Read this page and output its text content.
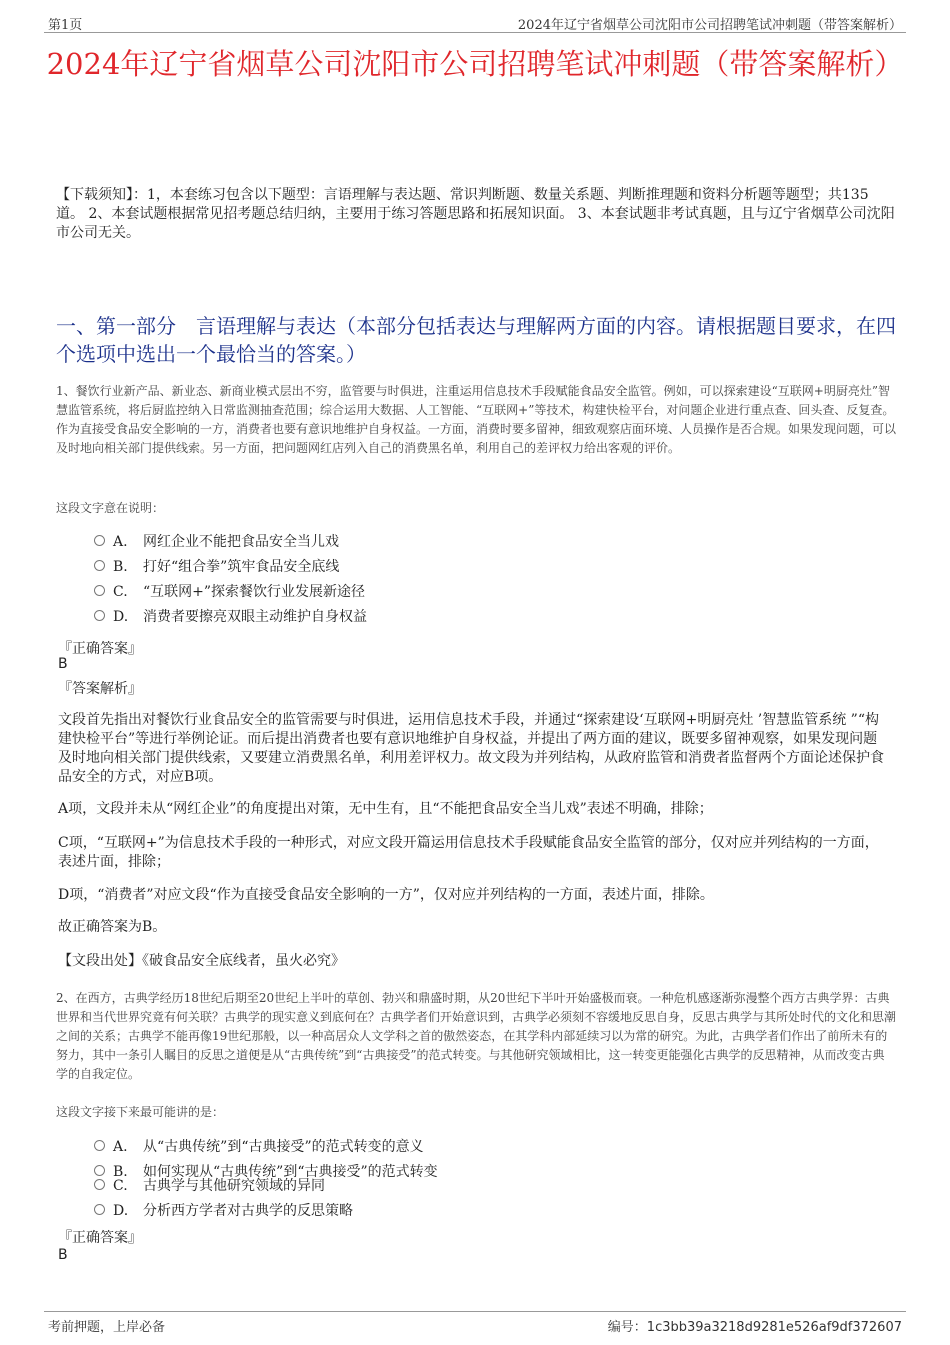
第1页	2024年辽宁省烟草公司沈阳市公司招聘笔试冲刺题（带答案解析）
2024年辽宁省烟草公司沈阳市公司招聘笔试冲刺题（带答案解析）
【下载须知】：1，本套练习包含以下题型：言语理解与表达题、常识判断题、数量关系题、判断推理题和资料分析题等题型；共135道。 2、本套试题根据常见招考题总结归纳，主要用于练习答题思路和拓展知识面。 3、本套试题非考试真题，且与辽宁省烟草公司沈阳市公司无关。
一、第一部分　言语理解与表达（本部分包括表达与理解两方面的内容。请根据题目要求，在四个选项中选出一个最恰当的答案。）
1、餐饮行业新产品、新业态、新商业模式层出不穷，监管要与时俱进，注重运用信息技术手段赋能食品安全监管。例如，可以探索建设“互联网+明厨亮灶”智慧监管系统，将后厨监控纳入日常监测抽查范围；综合运用大数据、人工智能、“互联网+”等技术，构建快检平台，对问题企业进行重点查、回头查、反复查。作为直接受食品安全影响的一方，消费者也要有意识地维护自身权益。一方面，消费时要多留神，细致观察店面环境、人员操作是否合规。如果发现问题，可以及时地向相关部门提供线索。另一方面，把问题网红店列入自己的消费黑名单，利用自己的差评权力给出客观的评价。
这段文字意在说明：
A. 网红企业不能把食品安全当儿戏
B. 打好“组合拳”筑牢食品安全底线
C. “互联网+”探索餐饮行业发展新途径
D. 消费者要擦亮双眼主动维护自身权益
『正确答案』
B
『答案解析』
文段首先指出对餐饮行业食品安全的监管需要与时俱进，运用信息技术手段，并通过“探索建设‘互联网+明厨亮灶 ’智慧监管系统 ”“构建快检平台”等进行举例论证。而后提出消费者也要有意识地维护自身权益，并提出了两方面的建议，既要多留神观察，如果发现问题及时地向相关部门提供线索，又要建立消费黑名单，利用差评权力。故文段为并列结构，从政府监管和消费者监督两个方面论述保护食品安全的方式，对应B项。
A项，文段并未从“网红企业”的角度提出对策，无中生有，且“不能把食品安全当儿戏”表述不明确，排除；
C项，“互联网+”为信息技术手段的一种形式，对应文段开篇运用信息技术手段赋能食品安全监管的部分，仅对应并列结构的一方面，表述片面，排除；
D项，“消费者”对应文段“作为直接受食品安全影响的一方”，仅对应并列结构的一方面，表述片面，排除。
故正确答案为B。
【文段出处】《破食品安全底线者，虽火必究》
2、在西方，古典学经历18世纪后期至20世纪上半叶的草创、勃兴和鼎盛时期，从20世纪下半叶开始盛极而衰。一种危机感逐渐弥漫整个西方古典学界：古典世界和当代世界究竟有何关联？古典学的现实意义到底何在？古典学者们开始意识到，古典学必须刻不容缓地反思自身，反思古典学与其所处时代的文化和思潮之间的关系；古典学不能再像19世纪那般，以一种高居众人文学科之首的傲然姿态，在其学科内部延续习以为常的研究。为此，古典学者们作出了前所未有的努力，其中一条引人瞩目的反思之道便是从“古典传统”到“古典接受”的范式转变。与其他研究领域相比，这一转变更能强化古典学的反思精神，从而改变古典学的自我定位。
这段文字接下来最可能讲的是：
A. 从“古典传统”到“古典接受”的范式转变的意义
B. 如何实现从“古典传统”到“古典接受”的范式转变
C. 古典学与其他研究领域的异同
D. 分析西方学者对古典学的反思策略
『正确答案』
B
考前押题，上岸必备	编号：1c3bb39a3218d9281e526af9df372607
